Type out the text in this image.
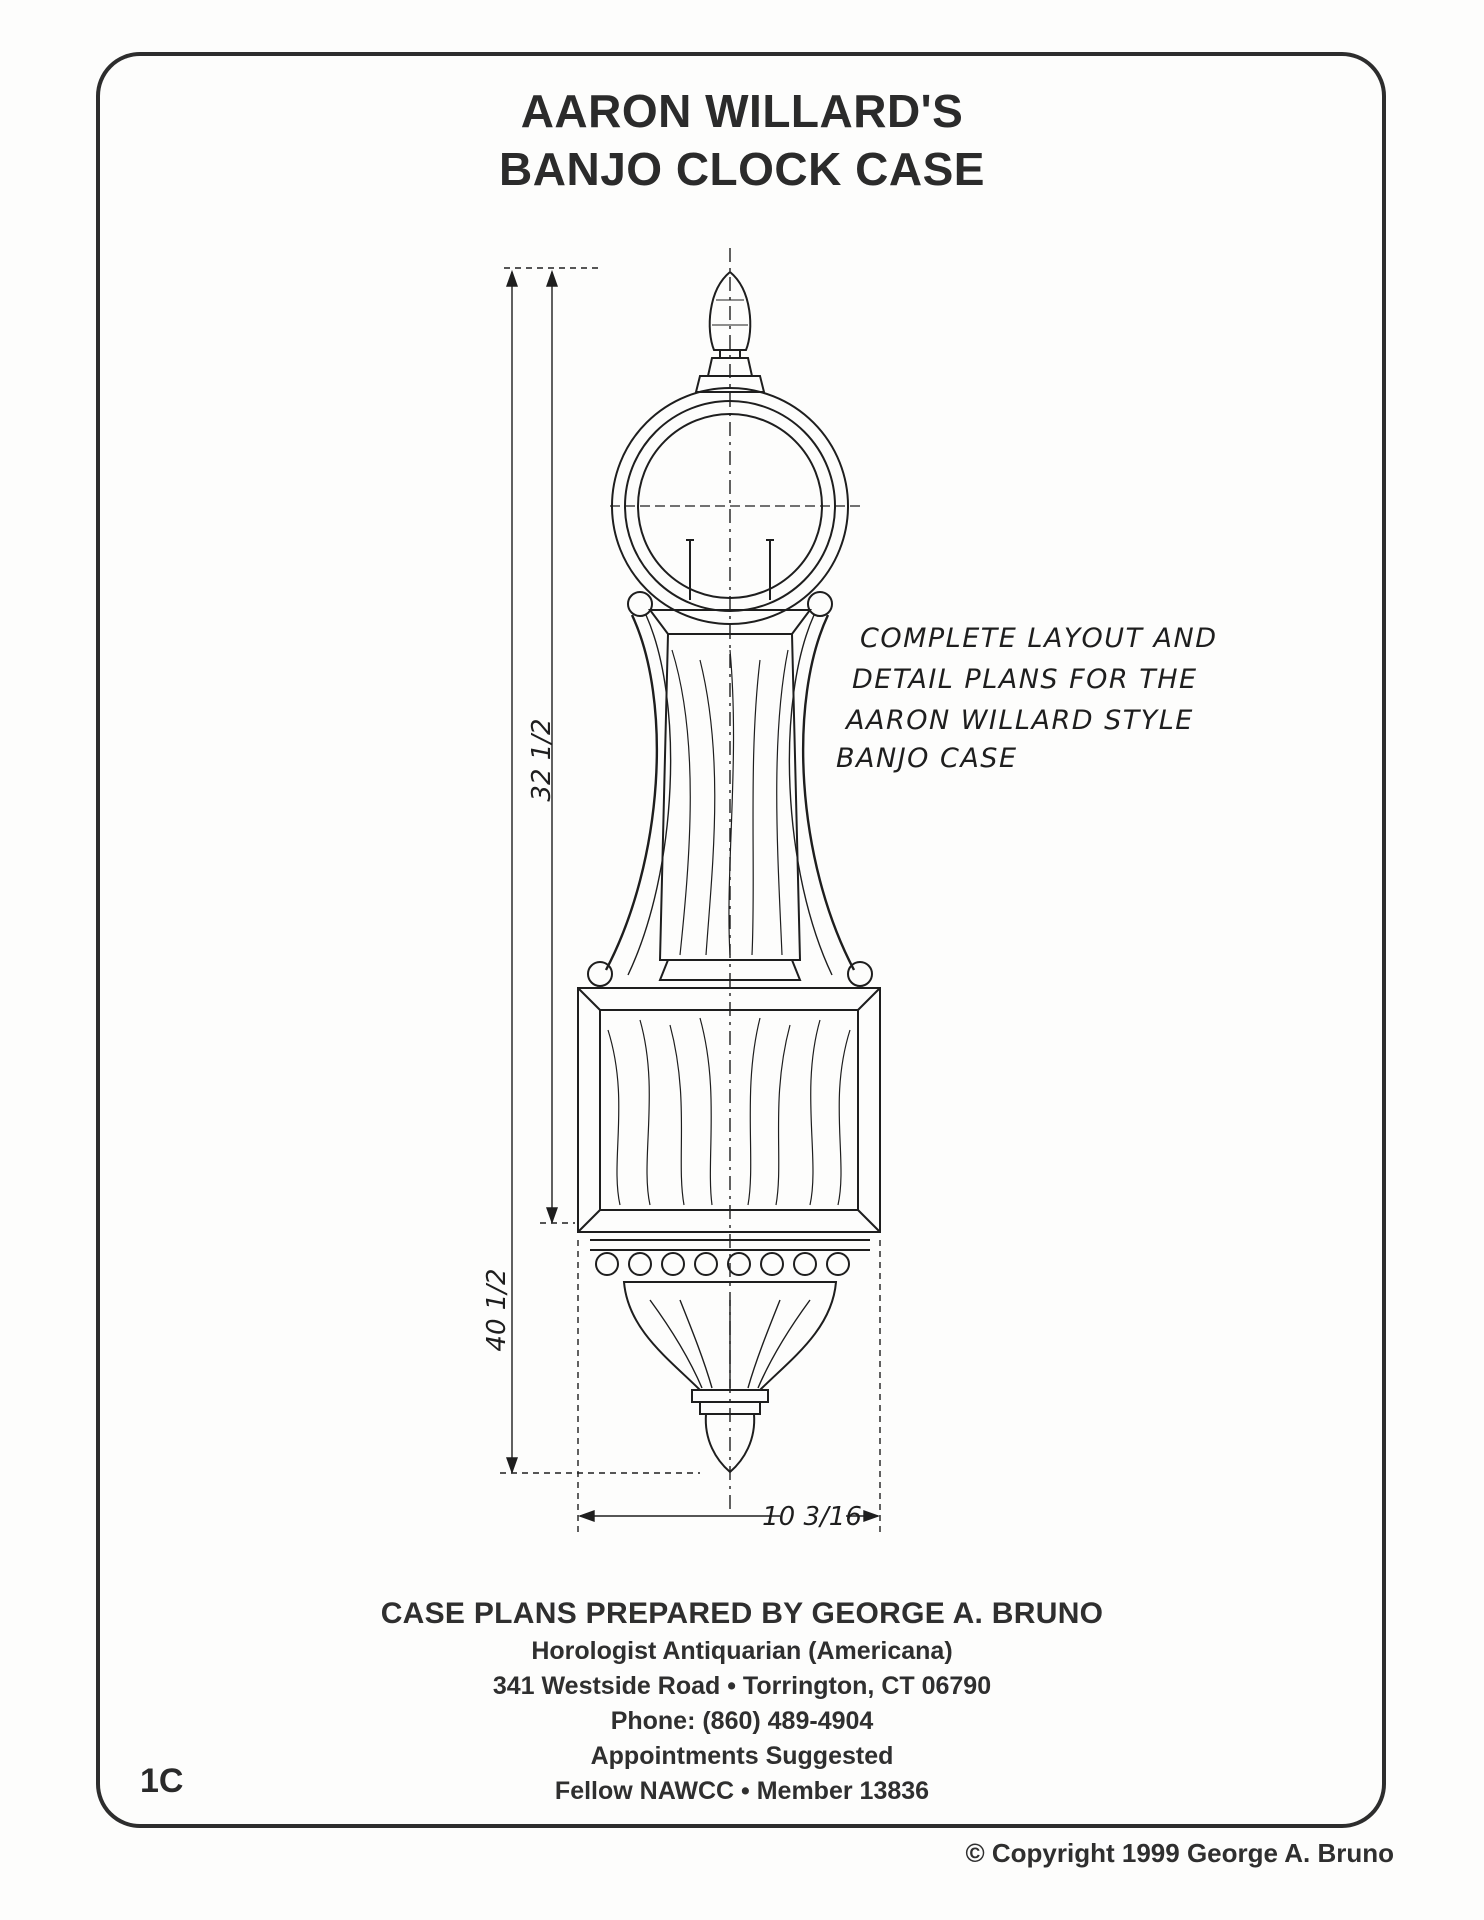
AARON WILLARD'S
BANJO CLOCK CASE
32 1/2
40 1/2
10 3/16
COMPLETE LAYOUT AND
DETAIL PLANS FOR THE
AARON WILLARD STYLE
BANJO CASE
CASE PLANS PREPARED BY GEORGE A. BRUNO
Horologist Antiquarian (Americana)
341 Westside Road • Torrington, CT 06790
Phone: (860) 489-4904
Appointments Suggested
Fellow NAWCC • Member 13836
1C
© Copyright 1999 George A. Bruno
